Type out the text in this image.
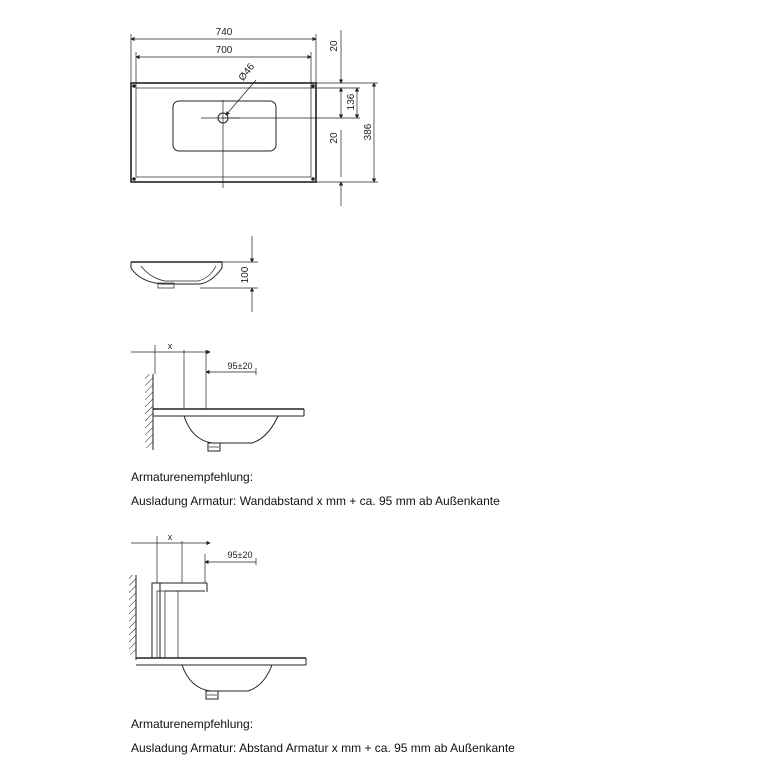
740
700	20
136
386
20
Ø46
100
x
95±20
x
95±20
Armaturenempfehlung:
Ausladung Armatur: Wandabstand x mm + ca. 95 mm ab Außenkante
Armaturenempfehlung:
Ausladung Armatur: Abstand Armatur x mm + ca. 95 mm ab Außenkante
